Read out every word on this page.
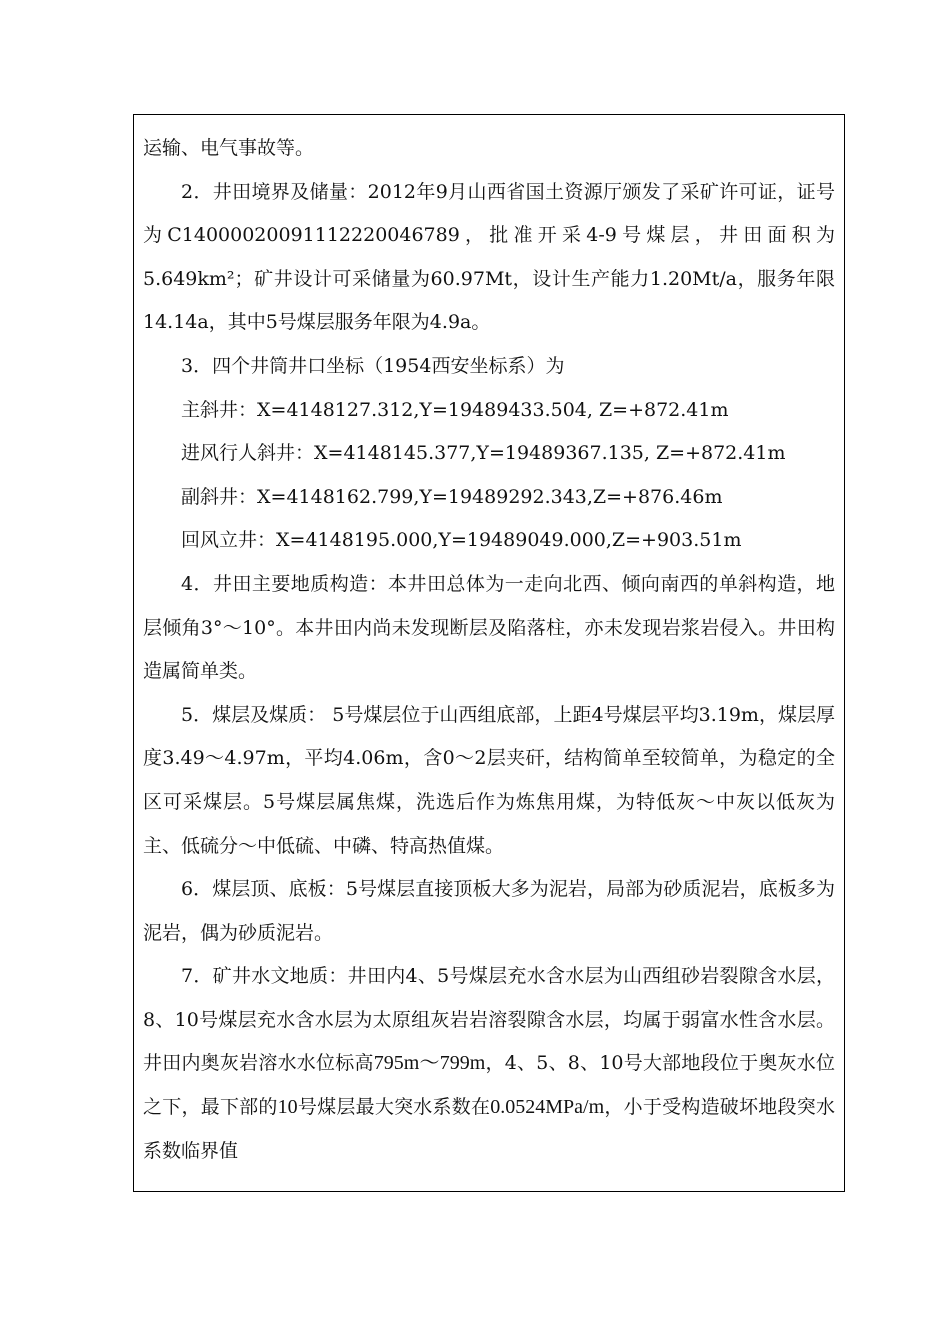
运输、电气事故等。

2．井田境界及储量：2012年9月山西省国土资源厅颁发了采矿许可证，证号为C1400002009111222004​6789，批准开采4-9号煤层，井田面积为5.649km²；矿井设计可采储量为60.97Mt，设计生产能力1.20Mt/a，服务年限14.14a，其中5号煤层服务年限为4.9a。

3．四个井筒井口坐标（1954西安坐标系）为

主斜井：X=4148127.312,Y=19489433.504, Z=+872.41m

进风行人斜井：X=4148145.377,Y=19489367.135, Z=+872.41m

副斜井：X=4148162.799,Y=19489292.343,Z=+876.46m

回风立井：X=4148195.000,Y=19489049.000,Z=+903.51m

4．井田主要地质构造：本井田总体为一走向北西、倾向南西的单斜构造，地层倾角3°～10°。本井田内尚未发现断层及陷落柱，亦未发现岩浆岩侵入。井田构造属简单类。

5．煤层及煤质： 5号煤层位于山西组底部，上距4号煤层平均3.19m，煤层厚度3.49～4.97m，平均4.06m，含0～2层夹矸，结构简单至较简单，为稳定的全区可采煤层。5号煤层属焦煤，洗选后作为炼焦用煤，为特低灰～中灰以低灰为主、低硫分～中低硫、中磷、特高热值煤。

6．煤层顶、底板：5号煤层直接顶板大多为泥岩，局部为砂质泥岩，底板多为泥岩，偶为砂质泥岩。

7．矿井水文地质：井田内4、5号煤层充水含水层为山西组砂岩裂隙含水层，8、10号煤层充水含水层为太原组灰岩岩溶裂隙含水层，均属于弱富水性含水层。井田内奥灰岩溶水水位标高795m～799m，4、5、8、10号大部地段位于奥灰水位之下，最下部的10号煤层最大突水系数在0.0524MPa/m，小于受构造破坏地段突水系数临界值
